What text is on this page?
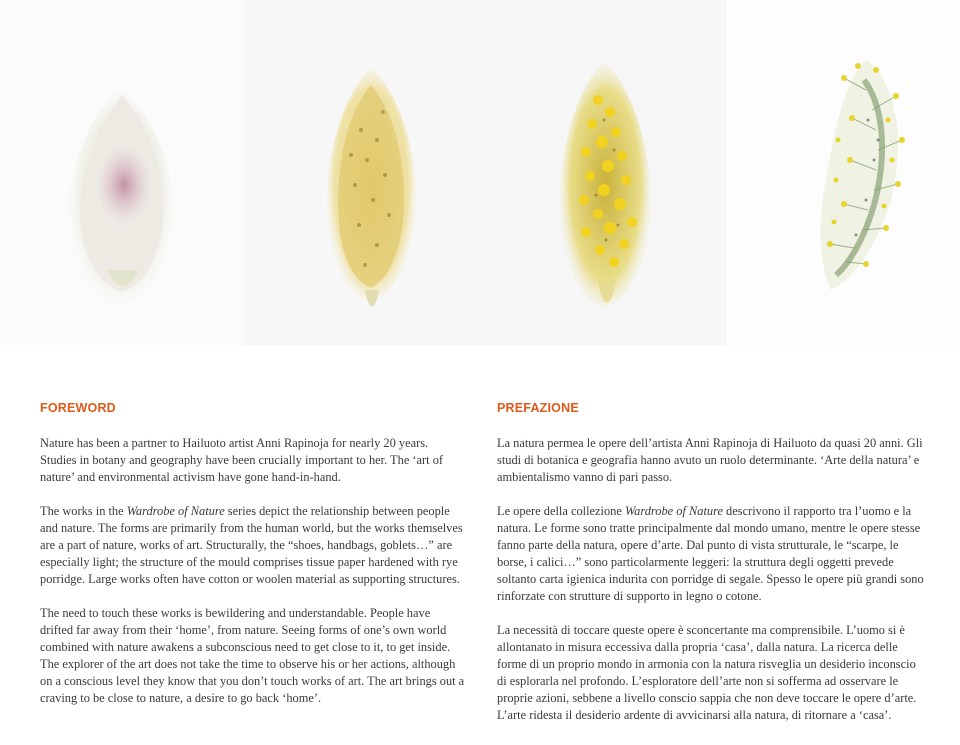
FOREWORD

Nature has been a partner to Hailuoto artist Anni Rapinoja for nearly 20 years. Studies in botany and geography have been crucially important to her. The ‘art of nature’ and environmental activism have gone hand-in-hand.

The works in the Wardrobe of Nature series depict the relationship between people and nature. The forms are primarily from the human world, but the works themselves are a part of nature, works of art. Structurally, the “shoes, handbags, goblets…” are especially light; the structure of the mould comprises tissue paper hardened with rye porridge. Large works often have cotton or woolen material as supporting structures.

The need to touch these works is bewildering and understandable. People have drifted far away from their ‘home’, from nature. Seeing forms of one’s own world combined with nature awakens a subconscious need to get close to it, to get inside. The explorer of the art does not take the time to observe his or her actions, although on a conscious level they know that you don’t touch works of art. The art brings out a craving to be close to nature, a desire to go back ‘home’.

PREFAZIONE

La natura permea le opere dell’artista Anni Rapinoja di Hailuoto da quasi 20 anni. Gli studi di botanica e geografia hanno avuto un ruolo determinante. ‘Arte della natura’ e ambientalismo vanno di pari passo.

Le opere della collezione Wardrobe of Nature descrivono il rapporto tra l’uomo e la natura. Le forme sono tratte principalmente dal mondo umano, mentre le opere stesse fanno parte della natura, opere d’arte. Dal punto di vista strutturale, le “scarpe, le borse, i calici…” sono particolarmente leggeri: la struttura degli oggetti prevede soltanto carta igienica indurita con porridge di segale. Spesso le opere più grandi sono rinforzate con strutture di supporto in legno o cotone.

La necessità di toccare queste opere è sconcertante ma comprensibile. L’uomo si è allontanato in misura eccessiva dalla propria ‘casa’, dalla natura. La ricerca delle forme di un proprio mondo in armonia con la natura risveglia un desiderio inconscio di esplorarla nel profondo. L’esploratore dell’arte non si sofferma ad osservare le proprie azioni, sebbene a livello conscio sappia che non deve toccare le opere d’arte. L’arte ridesta il desiderio ardente di avvicinarsi alla natura, di ritornare a ‘casa’.
